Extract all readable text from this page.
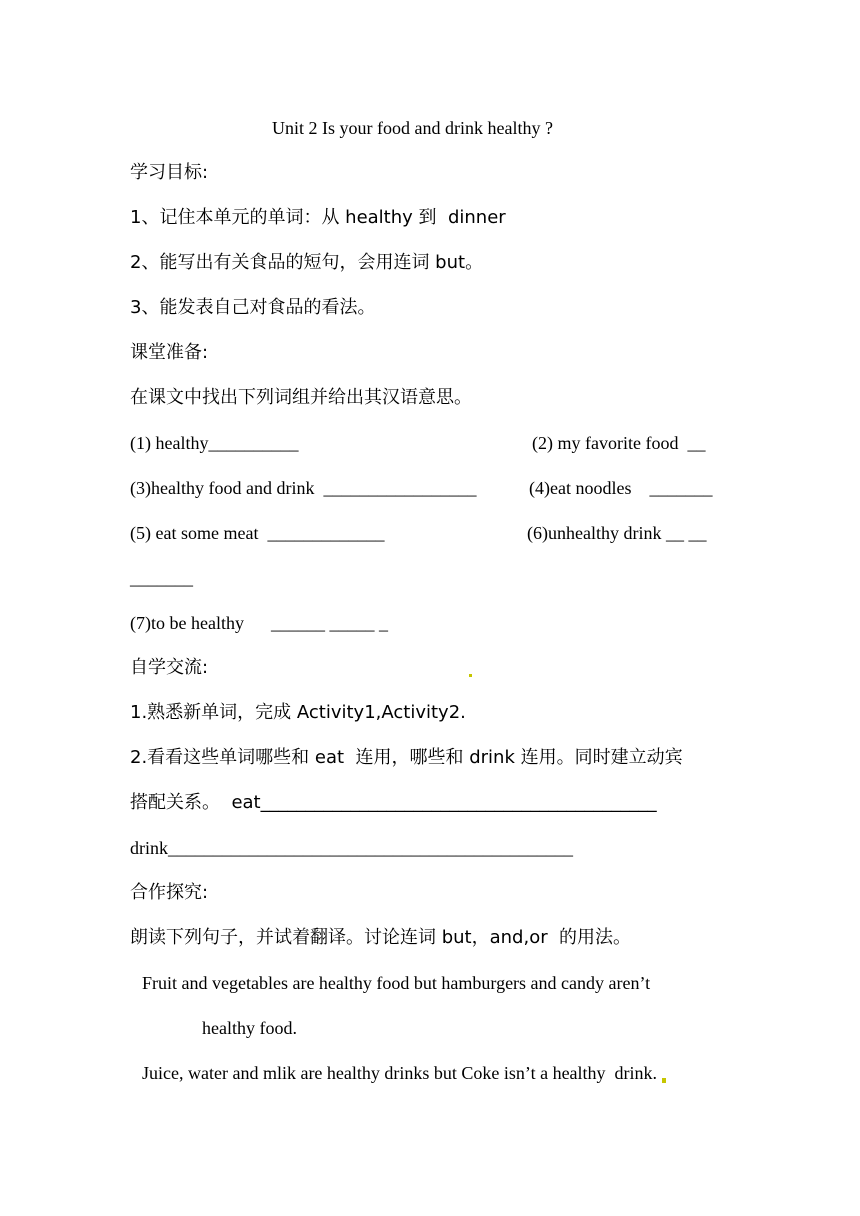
Unit 2 Is your food and drink healthy ?
学习目标:
1、记住本单元的单词：从 healthy 到  dinner
2、能写出有关食品的短句，会用连词 but。
3、能发表自己对食品的看法。
课堂准备:
在课文中找出下列词组并给出其汉语意思。
(1) healthy__________	(2) my favorite food  __
(3)healthy food and drink  _________________	(4)eat noodles    _______
(5) eat some meat  _____________	(6)unhealthy drink __ __
_______
(7)to be healthy      ______ _____ _
自学交流:
1.熟悉新单词，完成 Activity1,Activity2.
2.看看这些单词哪些和 eat  连用，哪些和 drink 连用。同时建立动宾
搭配关系。  eat____________________________________________
drink_____________________________________________
合作探究:
朗读下列句子，并试着翻译。讨论连词 but，and,or  的用法。
Fruit and vegetables are healthy food but hamburgers and candy aren’t
healthy food.
Juice, water and mlik are healthy drinks but Coke isn’t a healthy  drink.
